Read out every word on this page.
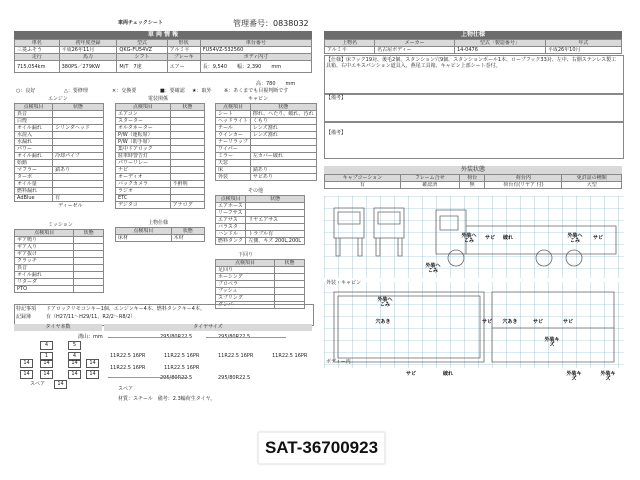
車両チェックシート	管理番号：0838032
車 両 情 報
車名	初年度登録	型式	形状	車台番号
三菱ふそう	平成26年11月	QKG-FU54VZ	アルミ平	FU54VZ-532560
走行	馬力	シフト	ブレーキ	ボディ内寸
715,054km	380PS／279KW	M/T　7速	エアー	長：9,540　　幅：2,390　　mm
高：780　　mm
上物仕様
上物名	メーカー	型式「製造番号」	年式
アルミ平	名古屋ボディー	14-0476	平成26年10月
【仕様】床フック19対、後毛2個、スタンション穴9個、スタンションポール1本、ロープフック33対、左中、右側ステンレス製工具箱、右中エキスパンション道具入、燕尾工具箱、キャビン上部シート巻付。
【備考】
【備考】
○：良好	△：要修理	×：交換要	■：要確認 ★：取外	※：あくまでも目視判断です
エンジン
点検項目	状態
異音	
白煙	
オイル漏れ	シリンダヘッド
水混入	
水漏れ	
パワー	
オイル漏れ	冷却パイプ
始動	
マフラー	錆あり
ターボ	
オイル量	
燃料漏れ	
AdBlue	有
ミッション
ディーゼル
点検項目	状態
ギア鳴り	
ギア入り	
ギア抜け	
クラッチ	
異音	
オイル漏れ	
リターダ	
PTO	
電装関係
点検項目	状態
エアコン	
スターター	
オルタネーター	
P/W（運転席）	
P/W（助手席）	
集中ドアロック	
駐車時警告灯	
パワーリレー	
ナビ	
オーディオ	
バックカメラ	不鮮明
ラジオ	
ETC	
デジタコ	アナログ
上物仕様
点検項目	状態
床材	木材
キャビン
点検項目	状態
シート	擦れ、へたり、破れ、汚れ
ヘッドライト	くもり
テール	レンズ割れ
ウインカー	レンズ割れ
ナーリラップ	
ワイパー	
ミラー	左カバー破れ
天窓	
床	錆あり
外装	サビあり
その他
点検項目	状態
エアホース	
リーフサス	
エアサス	リヤエアサス
バラスタ	
ハンドル	トラブル有
燃料タンク	左側、キズ 200L,200L
下回り
点検項目	状態
足回り	
ホーシング	
プロペラ	
ブッシュ	
スプリング	
ダンパー	
特記事項 ドアロックリモコンキー1個、エンジンキー4本、燃料タンクキー4本。
記録簿	有（H27/11〜H29/11、R2/2〜R8/2）
タイヤ本数	タイヤサイズ
溝山：mm
4
1
5
4
14
14
14
14
14
14
14
14
スペア	14
295/80R22.5	295/80R22.5
11R22.5 16PR	11R22.5 16PR	11R22.5 16PR	11R22.5 16PR
11R22.5 16PR	11R22.5 16PR
295/80R22.5	295/80R22.5
スペア
材質：スチール　備考：2.3輪荷生タイヤ。
外装状態
キャブコーション	フレーム合せ	荷台	荷台内	免許証の種類
有	確認済	無	荷台有(リヤア 付)	大型
外装・キャビン
ボディー内
外装へこみ	サビ	破れ	外装へこみ	サビ
外装へこみ
穴あき	サビ	穴あき	サビ	サビ
外装キズ
外装へこみ
サビ	破れ	外装キズ
外装キズ
SAT-36700923
